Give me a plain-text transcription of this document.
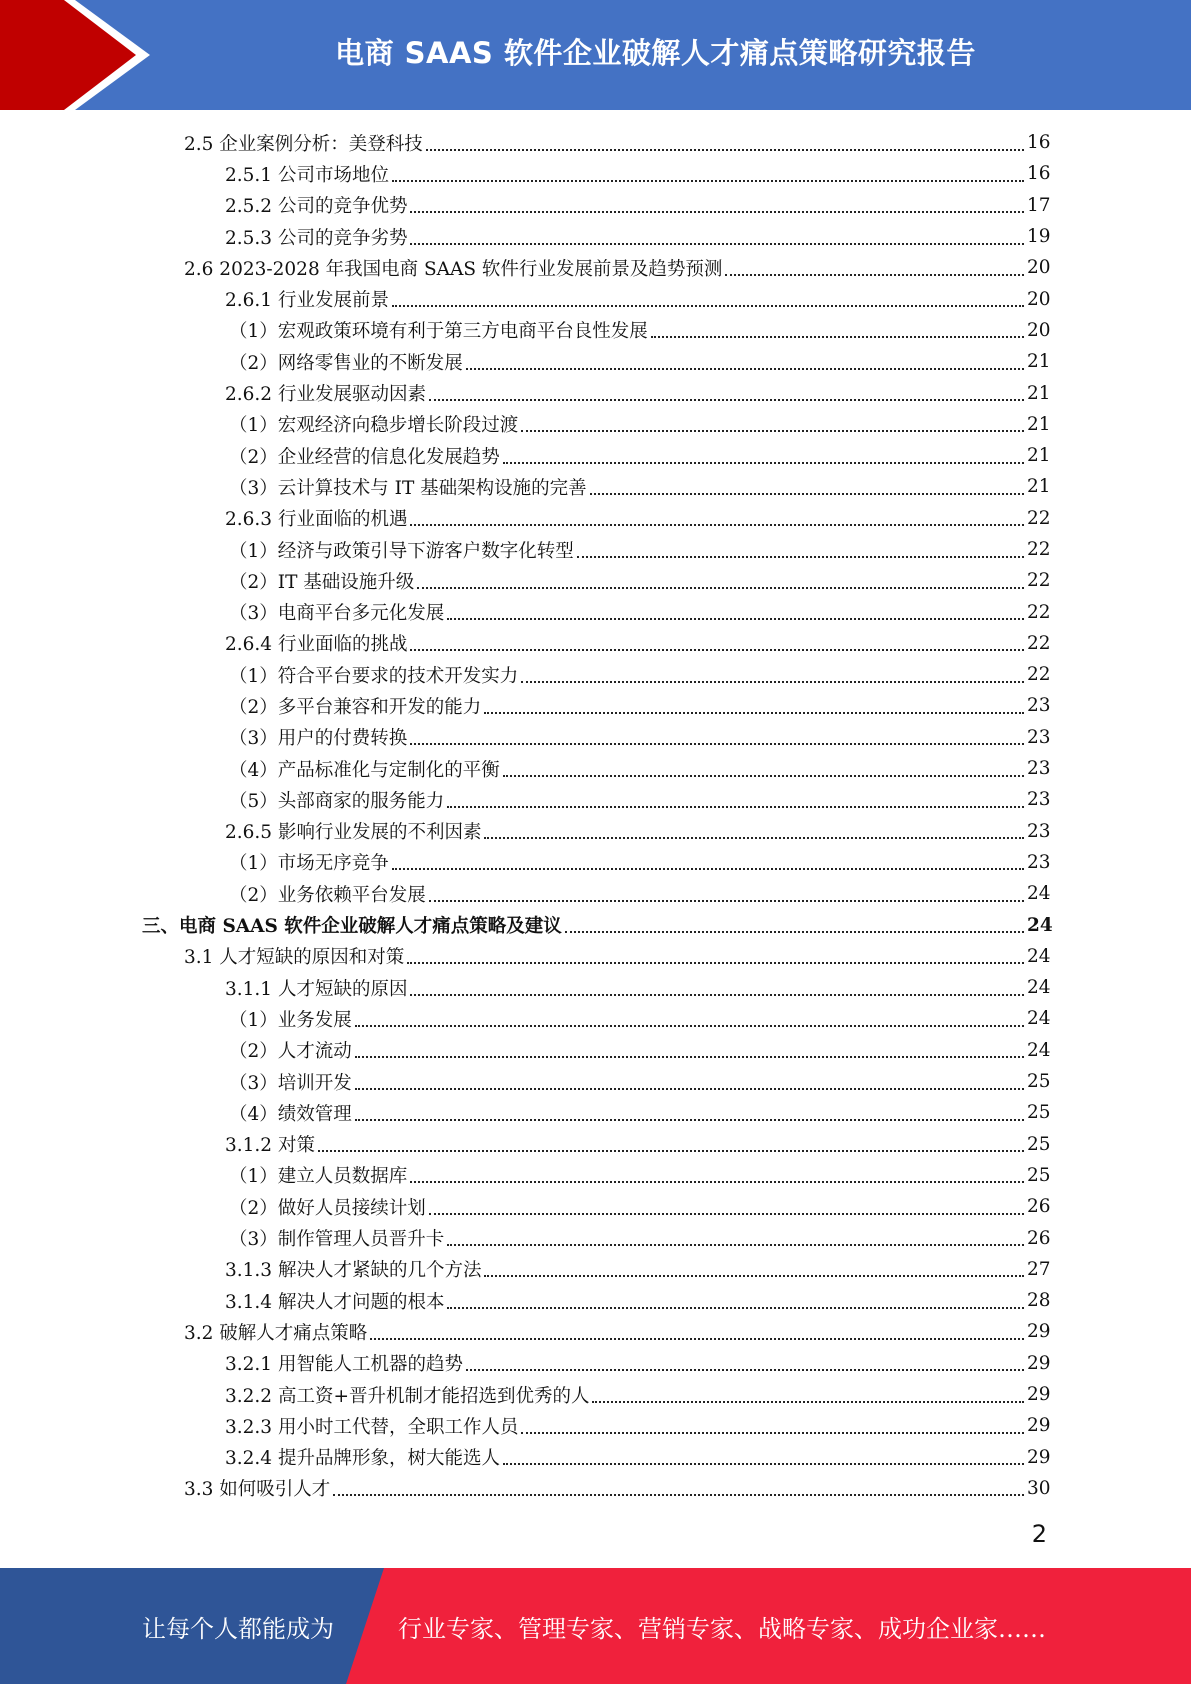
电商 SAAS 软件企业破解人才痛点策略研究报告
2.5 企业案例分析：美登科技	16
2.5.1 公司市场地位	16
2.5.2 公司的竞争优势	17
2.5.3 公司的竞争劣势	19
2.6 2023-2028 年我国电商 SAAS 软件行业发展前景及趋势预测	20
2.6.1 行业发展前景	20
（1）宏观政策环境有利于第三方电商平台良性发展	20
（2）网络零售业的不断发展	21
2.6.2 行业发展驱动因素	21
（1）宏观经济向稳步增长阶段过渡	21
（2）企业经营的信息化发展趋势	21
（3）云计算技术与 IT 基础架构设施的完善	21
2.6.3 行业面临的机遇	22
（1）经济与政策引导下游客户数字化转型	22
（2）IT 基础设施升级	22
（3）电商平台多元化发展	22
2.6.4 行业面临的挑战	22
（1）符合平台要求的技术开发实力	22
（2）多平台兼容和开发的能力	23
（3）用户的付费转换	23
（4）产品标准化与定制化的平衡	23
（5）头部商家的服务能力	23
2.6.5 影响行业发展的不利因素	23
（1）市场无序竞争	23
（2）业务依赖平台发展	24
三、电商 SAAS 软件企业破解人才痛点策略及建议	24
3.1 人才短缺的原因和对策	24
3.1.1 人才短缺的原因	24
（1）业务发展	24
（2）人才流动	24
（3）培训开发	25
（4）绩效管理	25
3.1.2 对策	25
（1）建立人员数据库	25
（2）做好人员接续计划	26
（3）制作管理人员晋升卡	26
3.1.3 解决人才紧缺的几个方法	27
3.1.4 解决人才问题的根本	28
3.2 破解人才痛点策略	29
3.2.1 用智能人工机器的趋势	29
3.2.2 高工资+晋升机制才能招选到优秀的人	29
3.2.3 用小时工代替，全职工作人员	29
3.2.4 提升品牌形象，树大能选人	29
3.3 如何吸引人才	30
2
让每个人都能成为	行业专家、管理专家、营销专家、战略专家、成功企业家……
